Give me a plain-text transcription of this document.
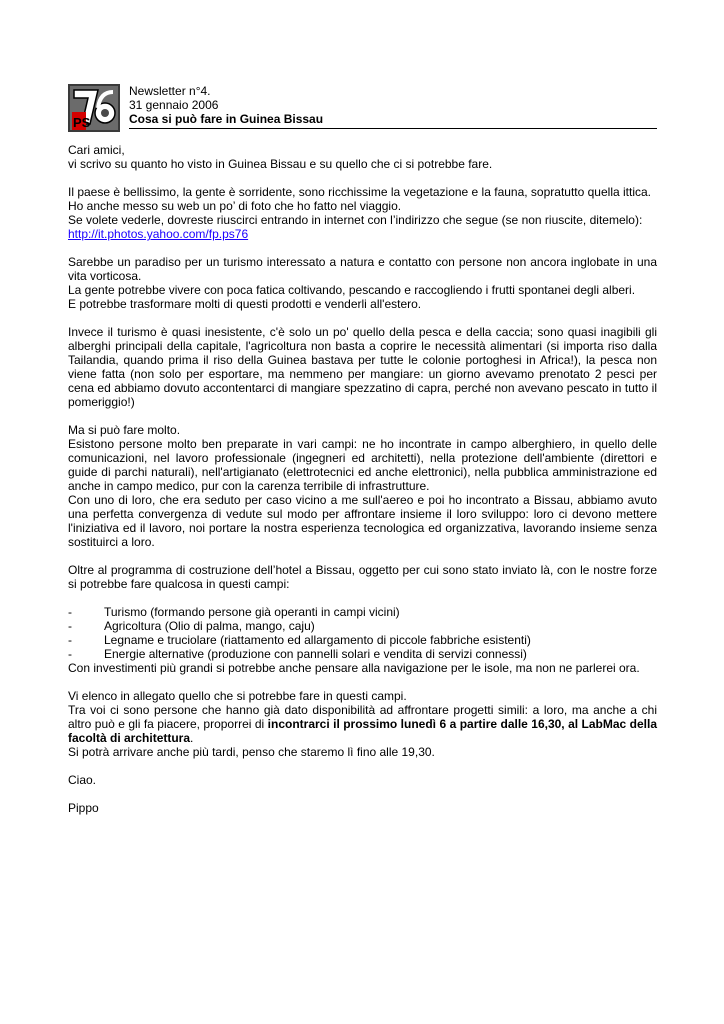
PS
Newsletter n°4.
31 gennaio 2006
Cosa si può fare in Guinea Bissau

Cari amici,
vi scrivo su quanto ho visto in Guinea Bissau e su quello che ci si potrebbe fare.

Il paese è bellissimo, la gente è sorridente, sono ricchissime la vegetazione e la fauna, sopratutto quella ittica.
Ho anche messo su web un po’ di foto che ho fatto nel viaggio.
Se volete vederle, dovreste riuscirci entrando in internet con l’indirizzo che segue (se non riuscite, ditemelo):
http://it.photos.yahoo.com/fp.ps76

Sarebbe un paradiso per un turismo interessato a natura e contatto con persone non ancora inglobate in una vita vorticosa.
La gente potrebbe vivere con poca fatica coltivando, pescando e raccogliendo i frutti spontanei degli alberi.
E potrebbe trasformare molti di questi prodotti e venderli all'estero.

Invece il turismo è quasi inesistente, c'è solo un po' quello della pesca e della caccia; sono quasi inagibili gli alberghi principali della capitale, l'agricoltura non basta a coprire le necessità alimentari (si importa riso dalla Tailandia, quando prima il riso della Guinea bastava per tutte le colonie portoghesi in Africa!), la pesca non viene fatta (non solo per esportare, ma nemmeno per mangiare: un giorno avevamo prenotato 2 pesci per cena ed abbiamo dovuto accontentarci di mangiare spezzatino di capra, perché non avevano pescato in tutto il pomeriggio!)

Ma si può fare molto.
Esistono persone molto ben preparate in vari campi: ne ho incontrate in campo alberghiero, in quello delle comunicazioni, nel lavoro professionale (ingegneri ed architetti), nella protezione dell'ambiente (direttori e guide di parchi naturali), nell'artigianato (elettrotecnici ed anche elettronici), nella pubblica amministrazione ed anche in campo medico, pur con la carenza terribile di infrastrutture.
Con uno di loro, che era seduto per caso vicino a me sull'aereo e poi ho incontrato a Bissau, abbiamo avuto una perfetta convergenza di vedute sul modo per affrontare insieme il loro sviluppo: loro ci devono mettere l'iniziativa ed il lavoro, noi portare la nostra esperienza tecnologica ed organizzativa, lavorando insieme senza sostituirci a loro.

Oltre al programma di costruzione dell’hotel a Bissau, oggetto per cui sono stato inviato là, con le nostre forze si potrebbe fare qualcosa in questi campi:

-	Turismo (formando persone già operanti in campi vicini)
-	Agricoltura (Olio di palma, mango, caju)
-	Legname e truciolare (riattamento ed allargamento di piccole fabbriche esistenti)
-	Energie alternative (produzione con pannelli solari e vendita di servizi connessi)
Con investimenti più grandi si potrebbe anche pensare alla navigazione per le isole, ma non ne parlerei ora.

Vi elenco in allegato quello che si potrebbe fare in questi campi.
Tra voi ci sono persone che hanno già dato disponibilità ad affrontare progetti simili: a loro, ma anche a chi altro può e gli fa piacere, proporrei di incontrarci il prossimo lunedì 6 a partire dalle 16,30, al LabMac della facoltà di architettura.
Si potrà arrivare anche più tardi, penso che staremo lì fino alle 19,30.

Ciao.

Pippo
